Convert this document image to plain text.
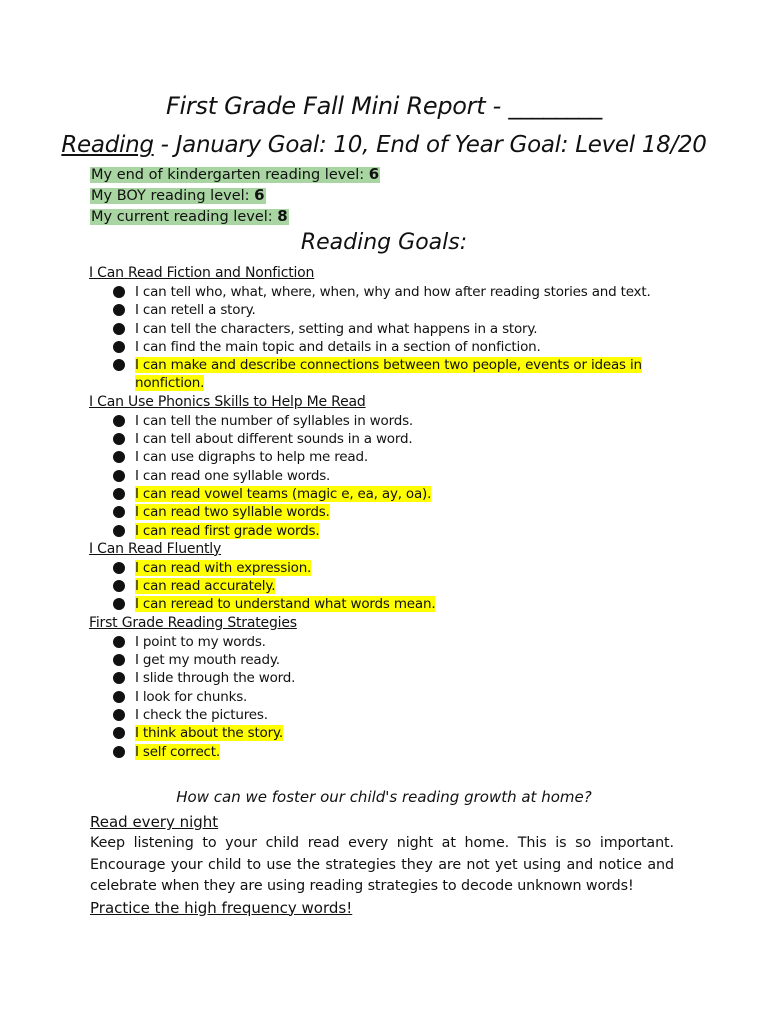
First Grade Fall Mini Report - ________
Reading - January Goal: 10, End of Year Goal: Level 18/20
My end of kindergarten reading level: 6
My BOY reading level: 6
My current reading level: 8
Reading Goals:
I Can Read Fiction and Nonfiction
I can tell who, what, where, when, why and how after reading stories and text.
I can retell a story.
I can tell the characters, setting and what happens in a story.
I can find the main topic and details in a section of nonfiction.
I can make and describe connections between two people, events or ideas in nonfiction.
I Can Use Phonics Skills to Help Me Read
I can tell the number of syllables in words.
I can tell about different sounds in a word.
I can use digraphs to help me read.
I can read one syllable words.
I can read vowel teams (magic e, ea, ay, oa).
I can read two syllable words.
I can read first grade words.
I Can Read Fluently
I can read with expression.
I can read accurately.
I can reread to understand what words mean.
First Grade Reading Strategies
I point to my words.
I get my mouth ready.
I slide through the word.
I look for chunks.
I check the pictures.
I think about the story.
I self correct.
How can we foster our child's reading growth at home?
Read every night
Keep listening to your child read every night at home. This is so important. Encourage your child to use the strategies they are not yet using and notice and celebrate when they are using reading strategies to decode unknown words!
Practice the high frequency words!
